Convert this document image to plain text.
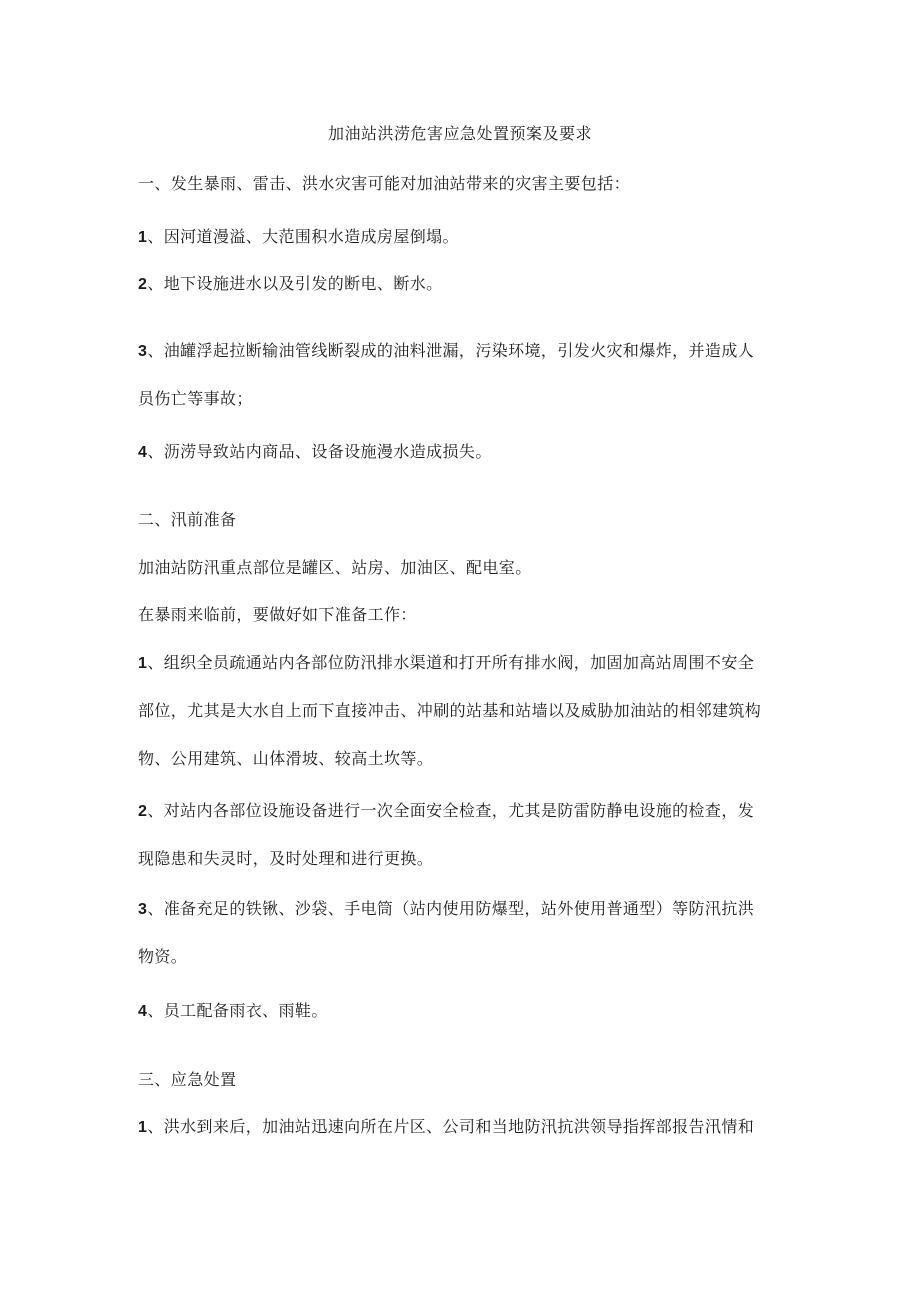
加油站洪涝危害应急处置预案及要求
一、发生暴雨、雷击、洪水灾害可能对加油站带来的灾害主要包括：
1、因河道漫溢、大范围积水造成房屋倒塌。
2、地下设施进水以及引发的断电、断水。
3、油罐浮起拉断输油管线断裂成的油料泄漏，污染环境，引发火灾和爆炸，并造成人
员伤亡等事故；
4、沥涝导致站内商品、设备设施漫水造成损失。
二、汛前准备
加油站防汛重点部位是罐区、站房、加油区、配电室。
在暴雨来临前，要做好如下准备工作：
1、组织全员疏通站内各部位防汛排水渠道和打开所有排水阀，加固加高站周围不安全
部位，尤其是大水自上而下直接冲击、冲刷的站基和站墙以及威胁加油站的相邻建筑构
物、公用建筑、山体滑坡、较高土坎等。
2、对站内各部位设施设备进行一次全面安全检查，尤其是防雷防静电设施的检查，发
现隐患和失灵时，及时处理和进行更换。
3、准备充足的铁锹、沙袋、手电筒（站内使用防爆型，站外使用普通型）等防汛抗洪
物资。
4、员工配备雨衣、雨鞋。
三、应急处置
1、洪水到来后，加油站迅速向所在片区、公司和当地防汛抗洪领导指挥部报告汛情和
